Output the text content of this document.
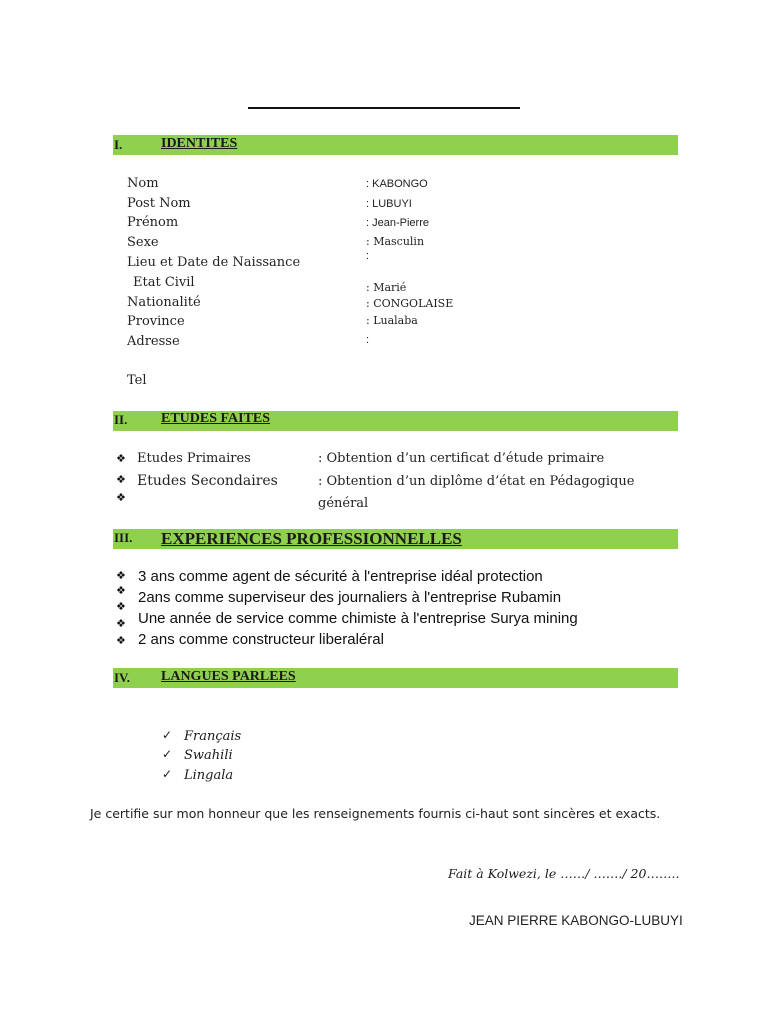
I.	IDENTITES
Nom	: KABONGO
Post Nom	: LUBUYI
Prénom	: Jean-Pierre
Sexe	: Masculin
Lieu et Date de Naissance	:
Etat Civil	: Marié
Nationalité	: CONGOLAISE
Province	: Lualaba
Adresse	:
Tel
II. ETUDES FAITES
❖ Etudes Primaires	: Obtention d’un certificat d’étude primaire
❖ Etudes Secondaires	: Obtention d’un diplôme d’état en Pédagogique
❖	général
III. EXPERIENCES PROFESSIONNELLES
❖ 3 ans comme agent de sécurité à l'entreprise idéal protection
❖ 2ans comme superviseur des journaliers à l'entreprise Rubamin
❖
Une année de service comme chimiste à l'entreprise Surya mining
❖
❖ 2 ans comme constructeur liberaléral
IV. LANGUES PARLEES
✓ Français
✓ Swahili
✓ Lingala
Je certifie sur mon honneur que les renseignements fournis ci-haut sont sincères et exacts.
Fait à Kolwezi, le ……/ ……./ 20……..
JEAN PIERRE KABONGO-LUBUYI
